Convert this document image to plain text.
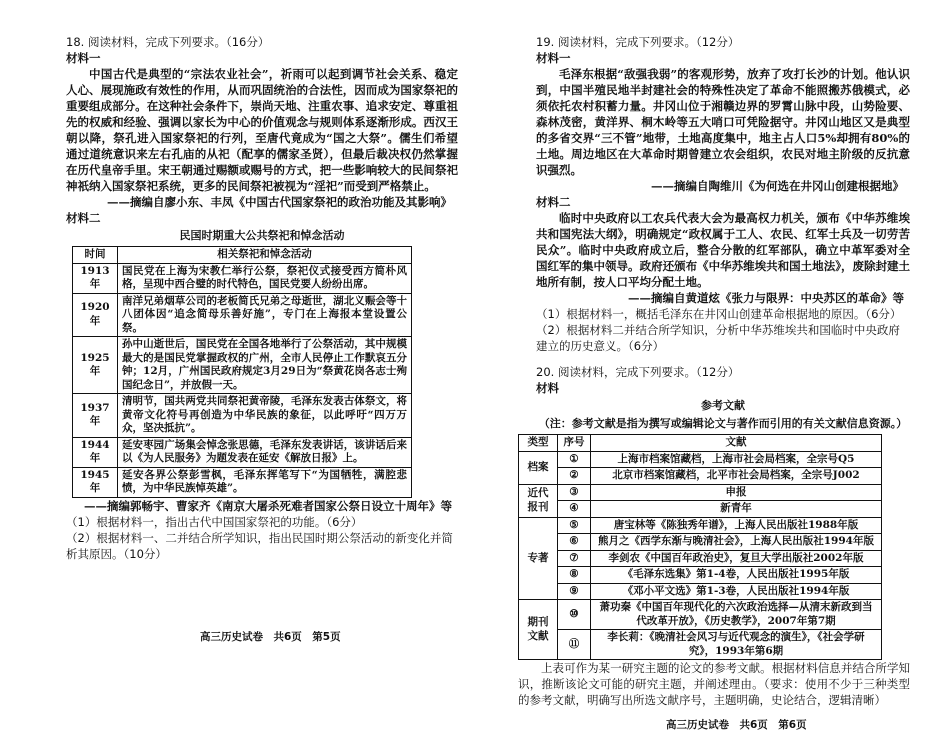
18. 阅读材料，完成下列要求。（16分）
材料一
中国古代是典型的“宗法农业社会”，祈雨可以起到调节社会关系、稳定人心、展现施政有效性的作用，从而巩固统治的合法性，因而成为国家祭祀的重要组成部分。在这种社会条件下，崇尚天地、注重农事、追求安定、尊重祖先的权威和经验、强调以家长为中心的价值观念与规则体系逐渐形成。西汉王朝以降，祭孔进入国家祭祀的行列，至唐代竟成为“国之大祭”。儒生们希望通过道统意识来左右孔庙的从祀（配享的儒家圣贤），但最后裁决权仍然掌握在历代皇帝手里。宋王朝通过赐额或赐号的方式，把一些影响较大的民间祭祀神祇纳入国家祭祀系统，更多的民间祭祀被视为“淫祀”而受到严格禁止。
——摘编自廖小东、丰凤《中国古代国家祭祀的政治功能及其影响》
材料二
民国时期重大公共祭祀和悼念活动
时间	相关祭祀和悼念活动
1913年	国民党在上海为宋教仁举行公祭，祭祀仪式接受西方简朴风格，呈现中西合璧的时代特色，国民党要人纷纷出席。
1920年	南洋兄弟烟草公司的老板简氏兄弟之母逝世，湖北义赈会等十八团体因“追念简母乐善好施”，专门在上海报本堂设置公祭。
1925年	孙中山逝世后，国民党在全国各地举行了公祭活动，其中规模最大的是国民党掌握政权的广州，全市人民停止工作默哀五分钟；12月，广州国民政府规定3月29日为“祭黄花岗各志士殉国纪念日”，并放假一天。
1937年	清明节，国共两党共同祭祀黄帝陵，毛泽东发表古体祭文，将黄帝文化符号再创造为中华民族的象征，以此呼吁“四万万众，坚决抵抗”。
1944年	延安枣园广场集会悼念张思德，毛泽东发表讲话，该讲话后来以《为人民服务》为题发表在延安《解放日报》上。
1945年	延安各界公祭彭雪枫，毛泽东挥笔写下“为国牺牲，满腔悲愤，为中华民族悼英雄”。
——摘编郭畅宇、曹家齐《南京大屠杀死难者国家公祭日设立十周年》等
（1）根据材料一，指出古代中国国家祭祀的功能。（6分）
（2）根据材料一、二并结合所学知识，指出民国时期公祭活动的新变化并简析其原因。（10分）
高三历史试卷　共6页　第5页
19. 阅读材料，完成下列要求。（12分）
材料一
毛泽东根据“敌强我弱”的客观形势，放弃了攻打长沙的计划。他认识到，中国半殖民地半封建社会的特殊性决定了革命不能照搬苏俄模式，必须依托农村积蓄力量。井冈山位于湘赣边界的罗霄山脉中段，山势险要、森林茂密，黄洋界、桐木岭等五大哨口可凭险据守。井冈山地区又是典型的多省交界“三不管”地带，土地高度集中，地主占人口5%却拥有80%的土地。周边地区在大革命时期曾建立农会组织，农民对地主阶级的反抗意识强烈。
——摘编自陶维川《为何选在井冈山创建根据地》
材料二
临时中央政府以工农兵代表大会为最高权力机关，颁布《中华苏维埃共和国宪法大纲》，明确规定“政权属于工人、农民、红军士兵及一切劳苦民众”。临时中央政府成立后，整合分散的红军部队，确立中革军委对全国红军的集中领导。政府还颁布《中华苏维埃共和国土地法》，废除封建土地所有制，按人口平均分配土地。
——摘编自黄道炫《张力与限界：中央苏区的革命》等
（1）根据材料一，概括毛泽东在井冈山创建革命根据地的原因。（6分）
（2）根据材料二并结合所学知识，分析中华苏维埃共和国临时中央政府建立的历史意义。（6分）
20. 阅读材料，完成下列要求。（12分）
材料
参考文献
（注：参考文献是指为撰写或编辑论文与著作而引用的有关文献信息资源。）
类型	序号	文献
档案	①	上海市档案馆藏档，上海市社会局档案，全宗号Q5
	②	北京市档案馆藏档，北平市社会局档案，全宗号J002
近代报刊	③	申报
	④	新青年
专著	⑤	唐宝林等《陈独秀年谱》，上海人民出版社1988年版
	⑥	熊月之《西学东渐与晚清社会》，上海人民出版社1994年版
	⑦	李剑农《中国百年政治史》，复旦大学出版社2002年版
	⑧	《毛泽东选集》第1-4卷，人民出版社1995年版
	⑨	《邓小平文选》第1-3卷，人民出版社1994年版
期刊文献	⑩	萧功秦《中国百年现代化的六次政治选择—从清末新政到当代改革开放》，《历史教学》，2007年第7期
	⑪	李长莉：《晚清社会风习与近代观念的演生》，《社会学研究》，1993年第6期
上表可作为某一研究主题的论文的参考文献。根据材料信息并结合所学知识，推断该论文可能的研究主题，并阐述理由。（要求：使用不少于三种类型的参考文献，明确写出所选文献序号，主题明确，史论结合，逻辑清晰）
高三历史试卷　共6页　第6页
